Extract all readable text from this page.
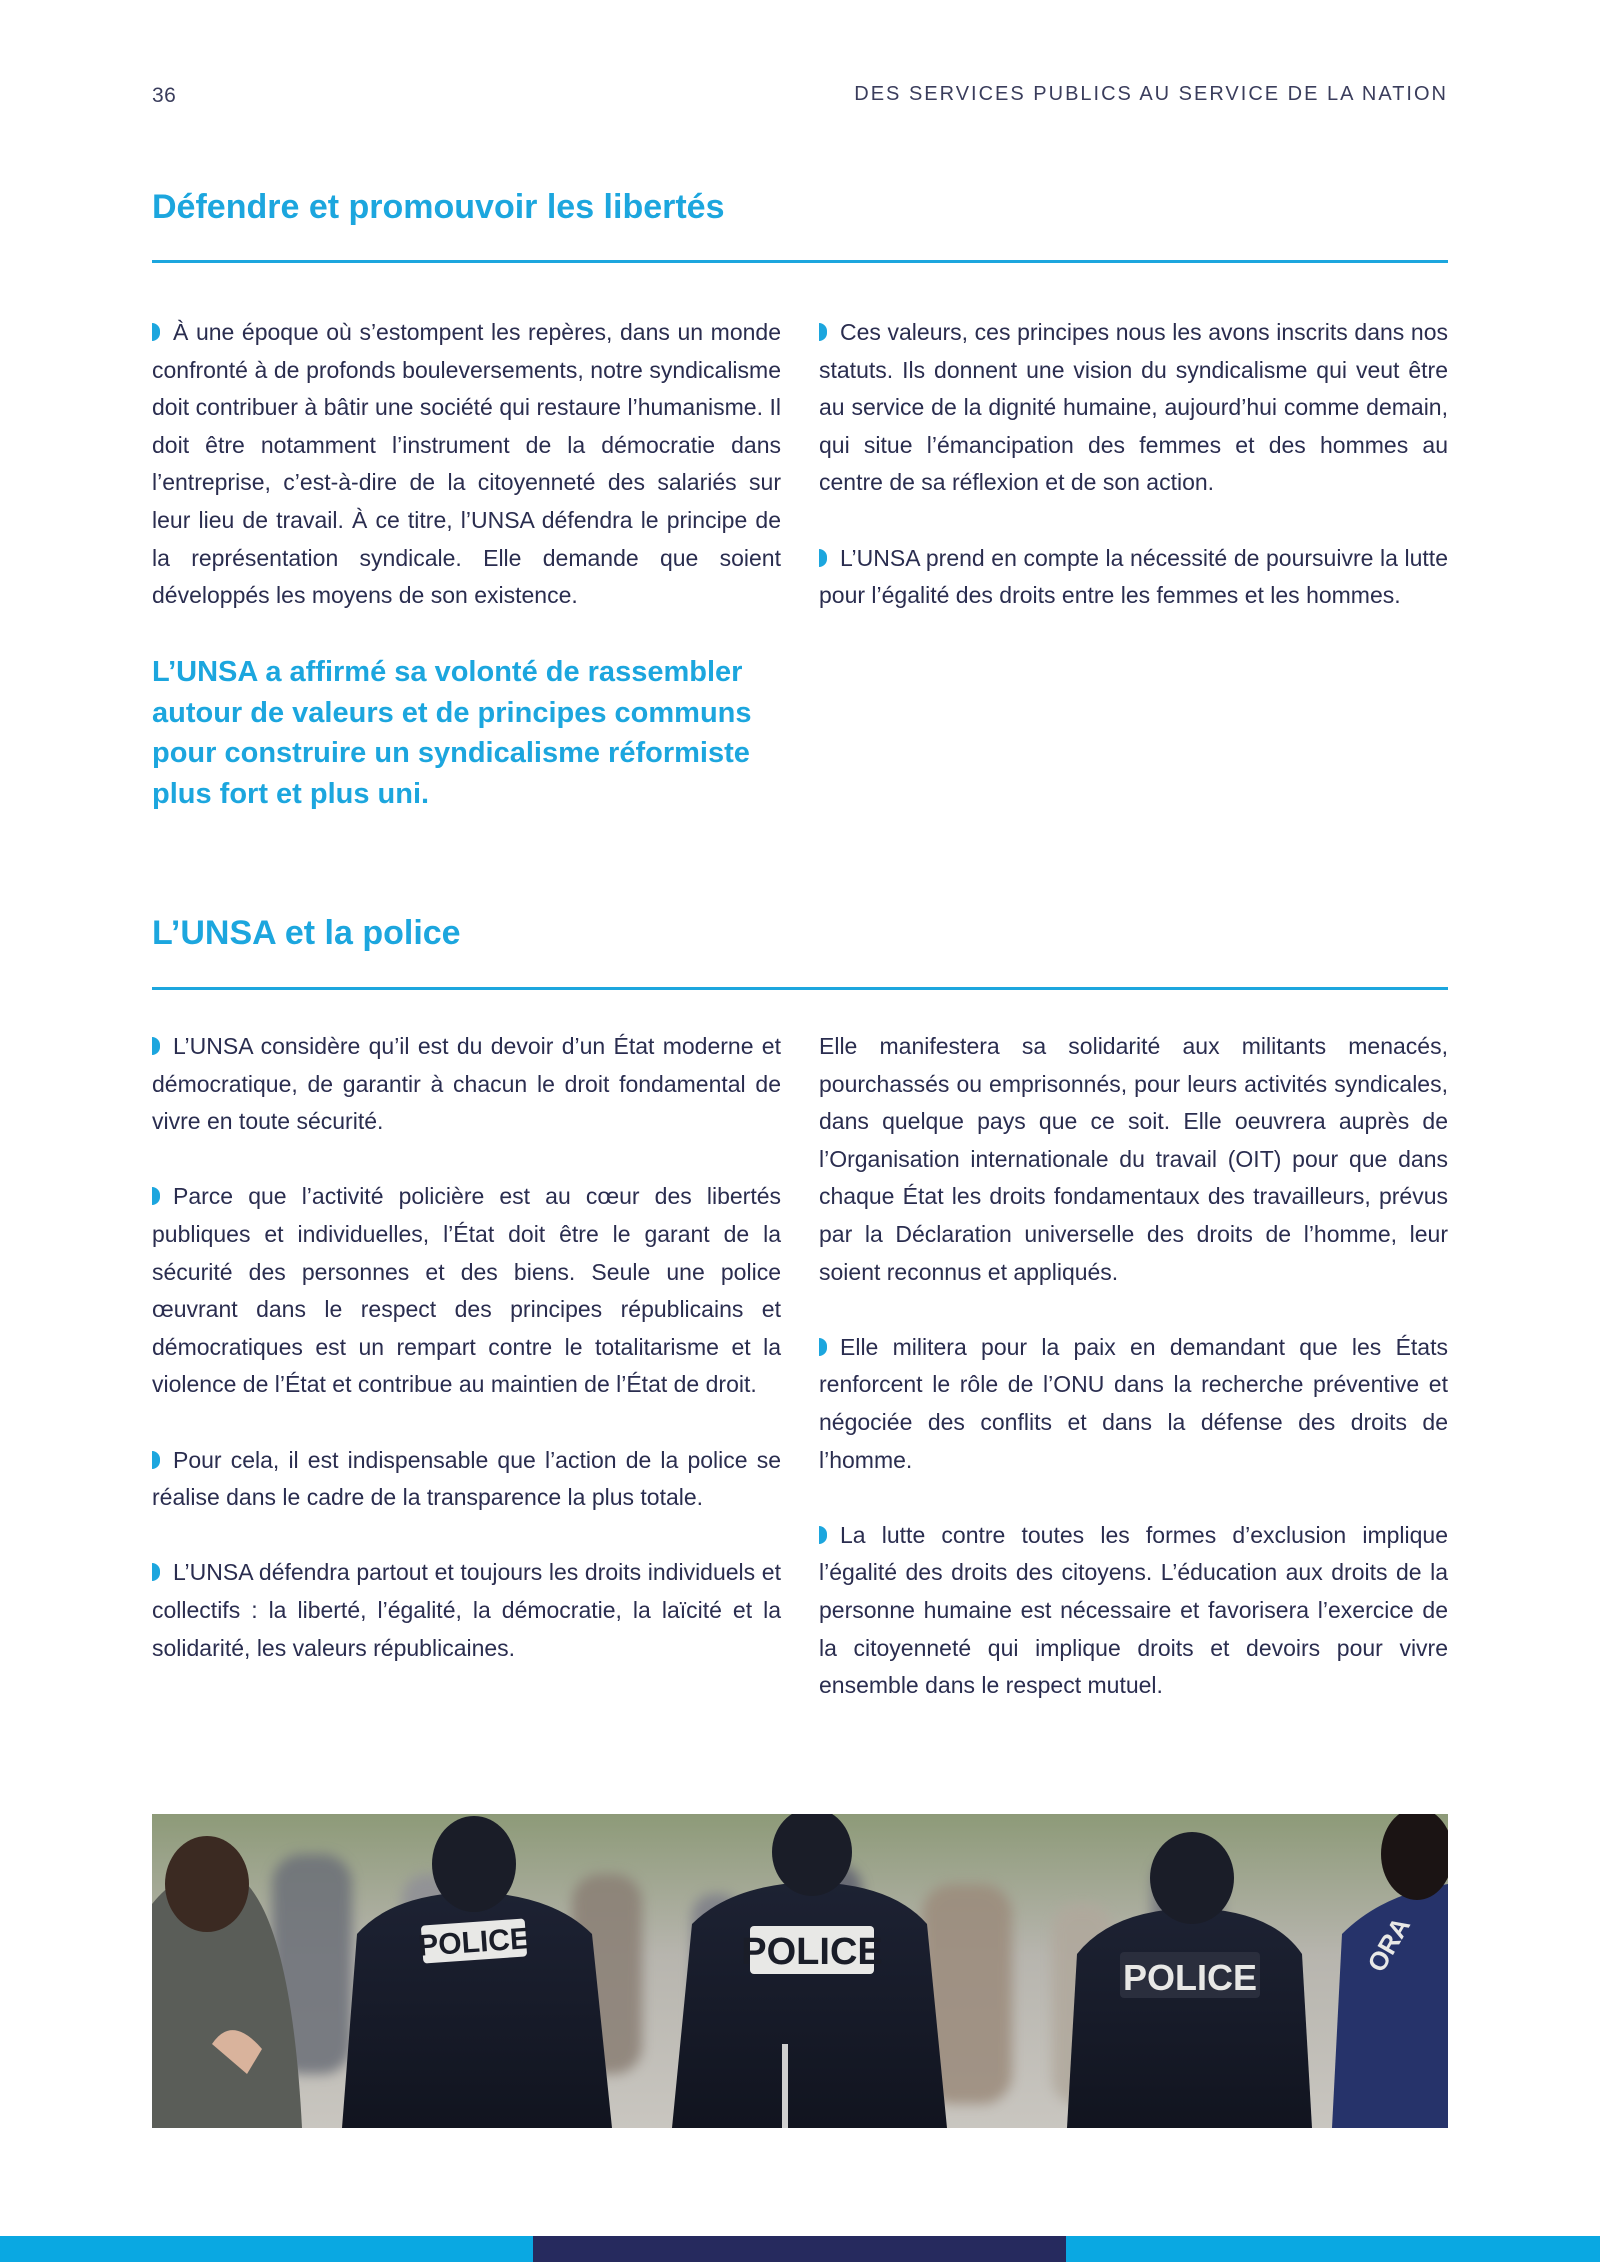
36	DES SERVICES PUBLICS AU SERVICE DE LA NATION
Défendre et promouvoir les libertés

À une époque où s’estompent les repères, dans un monde confronté à de profonds bouleversements, notre syndicalisme doit contribuer à bâtir une société qui restaure l’humanisme. Il doit être notamment l’instrument de la démocratie dans l’entreprise, c’est-à-dire de la citoyenneté des salariés sur leur lieu de travail. À ce titre, l’UNSA défendra le principe de la représentation syndicale. Elle demande que soient développés les moyens de son existence.

L’UNSA a affirmé sa volonté de rassembler autour de valeurs et de principes communs pour construire un syndicalisme réformiste plus fort et plus uni.

Ces valeurs, ces principes nous les avons inscrits dans nos statuts. Ils donnent une vision du syndicalisme qui veut être au service de la dignité humaine, aujourd’hui comme demain, qui situe l’émancipation des femmes et des hommes au centre de sa réflexion et de son action.

L’UNSA prend en compte la nécessité de poursuivre la lutte pour l’égalité des droits entre les femmes et les hommes.

L’UNSA et la police

L’UNSA considère qu’il est du devoir d’un État moderne et démocratique, de garantir à chacun le droit fondamental de vivre en toute sécurité.

Parce que l’activité policière est au cœur des libertés publiques et individuelles, l’État doit être le garant de la sécurité des personnes et des biens. Seule une police œuvrant dans le respect des principes républicains et démocratiques est un rempart contre le totalitarisme et la violence de l’État et contribue au maintien de l’État de droit.

Pour cela, il est indispensable que l’action de la police se réalise dans le cadre de la transparence la plus totale.

L’UNSA défendra partout et toujours les droits individuels et collectifs : la liberté, l’égalité, la démocratie, la laïcité et la solidarité, les valeurs républicaines.

Elle manifestera sa solidarité aux militants menacés, pourchassés ou emprisonnés, pour leurs activités syndicales, dans quelque pays que ce soit. Elle oeuvrera auprès de l’Organisation internationale du travail (OIT) pour que dans chaque État les droits fondamentaux des travailleurs, prévus par la Déclaration universelle des droits de l’homme, leur soient reconnus et appliqués.

Elle militera pour la paix en demandant que les États renforcent le rôle de l’ONU dans la recherche préventive et négociée des conflits et dans la défense des droits de l’homme.

La lutte contre toutes les formes d’exclusion implique l’égalité des droits des citoyens. L’éducation aux droits de la personne humaine est nécessaire et favorisera l’exercice de la citoyenneté qui implique droits et devoirs pour vivre ensemble dans le respect mutuel.

POLICE	POLICE
POLICE
ORA
